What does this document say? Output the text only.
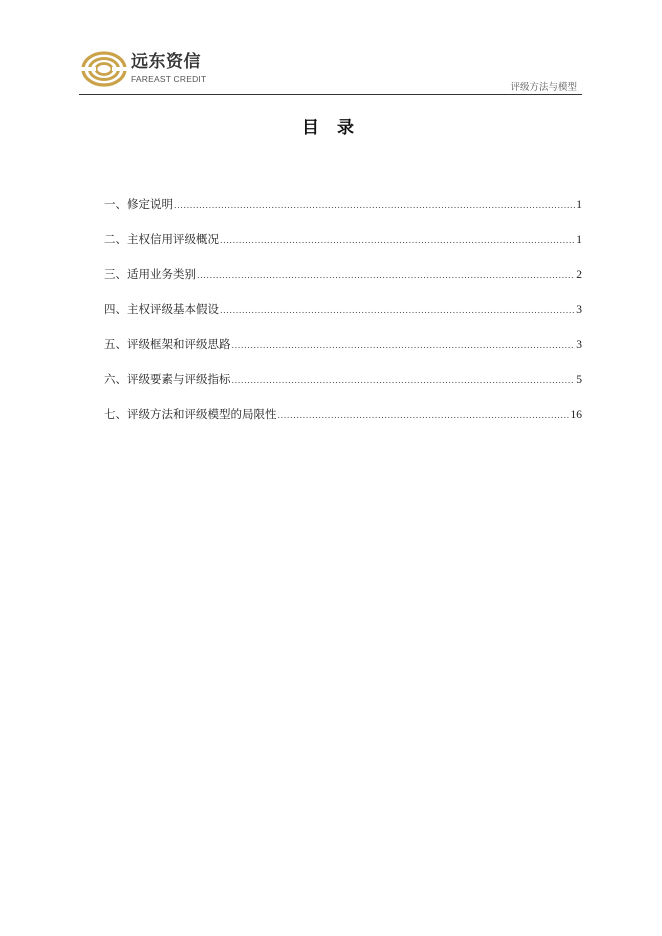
远东资信
FAREAST CREDIT
评级方法与模型
目 录
一、修定说明 .....	1
二、主权信用评级概况 .....	1
三、适用业务类别 .....	2
四、主权评级基本假设 .....	3
五、评级框架和评级思路 .....	3
六、评级要素与评级指标 .....	5
七、评级方法和评级模型的局限性 .....	16
